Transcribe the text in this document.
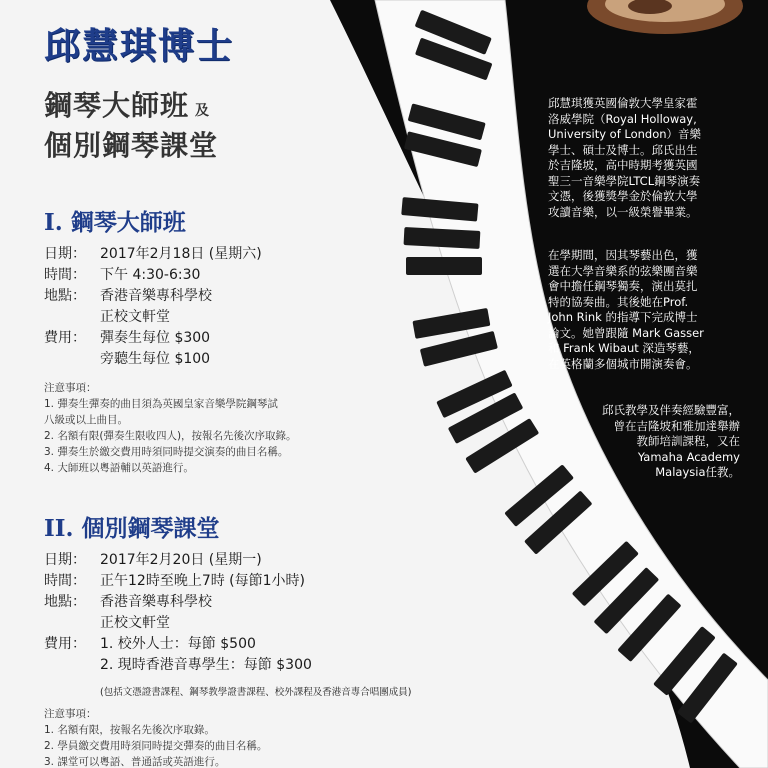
邱慧琪博士
鋼琴大師班 及
個別鋼琴課堂
I. 鋼琴大師班
日期： 2017年2月18日 (星期六)
時間： 下午 4:30-6:30
地點： 香港音樂專科學校
正校文軒堂
費用： 彈奏生每位 $300
旁聽生每位 $100
注意事項：
1. 彈奏生彈奏的曲目須為英國皇家音樂學院鋼琴試
八級或以上曲目。
2. 名額有限(彈奏生限收四人)，按報名先後次序取錄。
3. 彈奏生於繳交費用時須同時提交演奏的曲目名稱。
4. 大師班以粵語輔以英語進行。
II. 個別鋼琴課堂
日期： 2017年2月20日 (星期一)
時間： 正午12時至晚上7時 (每節1小時)
地點： 香港音樂專科學校
正校文軒堂
費用： 1. 校外人士：每節 $500
2. 現時香港音專學生：每節 $300
(包括文憑證書課程、鋼琴教學證書課程、校外課程及香港音專合唱團成員)
注意事項：
1. 名額有限，按報名先後次序取錄。
2. 學員繳交費用時須同時提交彈奏的曲目名稱。
3. 課堂可以粵語、普通話或英語進行。
邱慧琪獲英國倫敦大學皇家霍
洛威學院（Royal Holloway,
University of London）音樂
學士、碩士及博士。邱氏出生
於吉隆坡，高中時期考獲英國
聖三一音樂學院LTCL鋼琴演奏
文憑，後獲獎學金於倫敦大學
攻讀音樂，以一級榮譽畢業。
在學期間，因其琴藝出色，獲
選在大學音樂系的弦樂團音樂
會中擔任鋼琴獨奏，演出莫扎
特的協奏曲。其後她在Prof.
John Rink 的指導下完成博士
論文。她曾跟隨 Mark Gasser
和 Frank Wibaut 深造琴藝，
在英格蘭多個城市開演奏會。
邱氏教學及伴奏經驗豐富，
曾在吉隆坡和雅加達舉辦
教師培訓課程，又在
Yamaha Academy
Malaysia任教。
